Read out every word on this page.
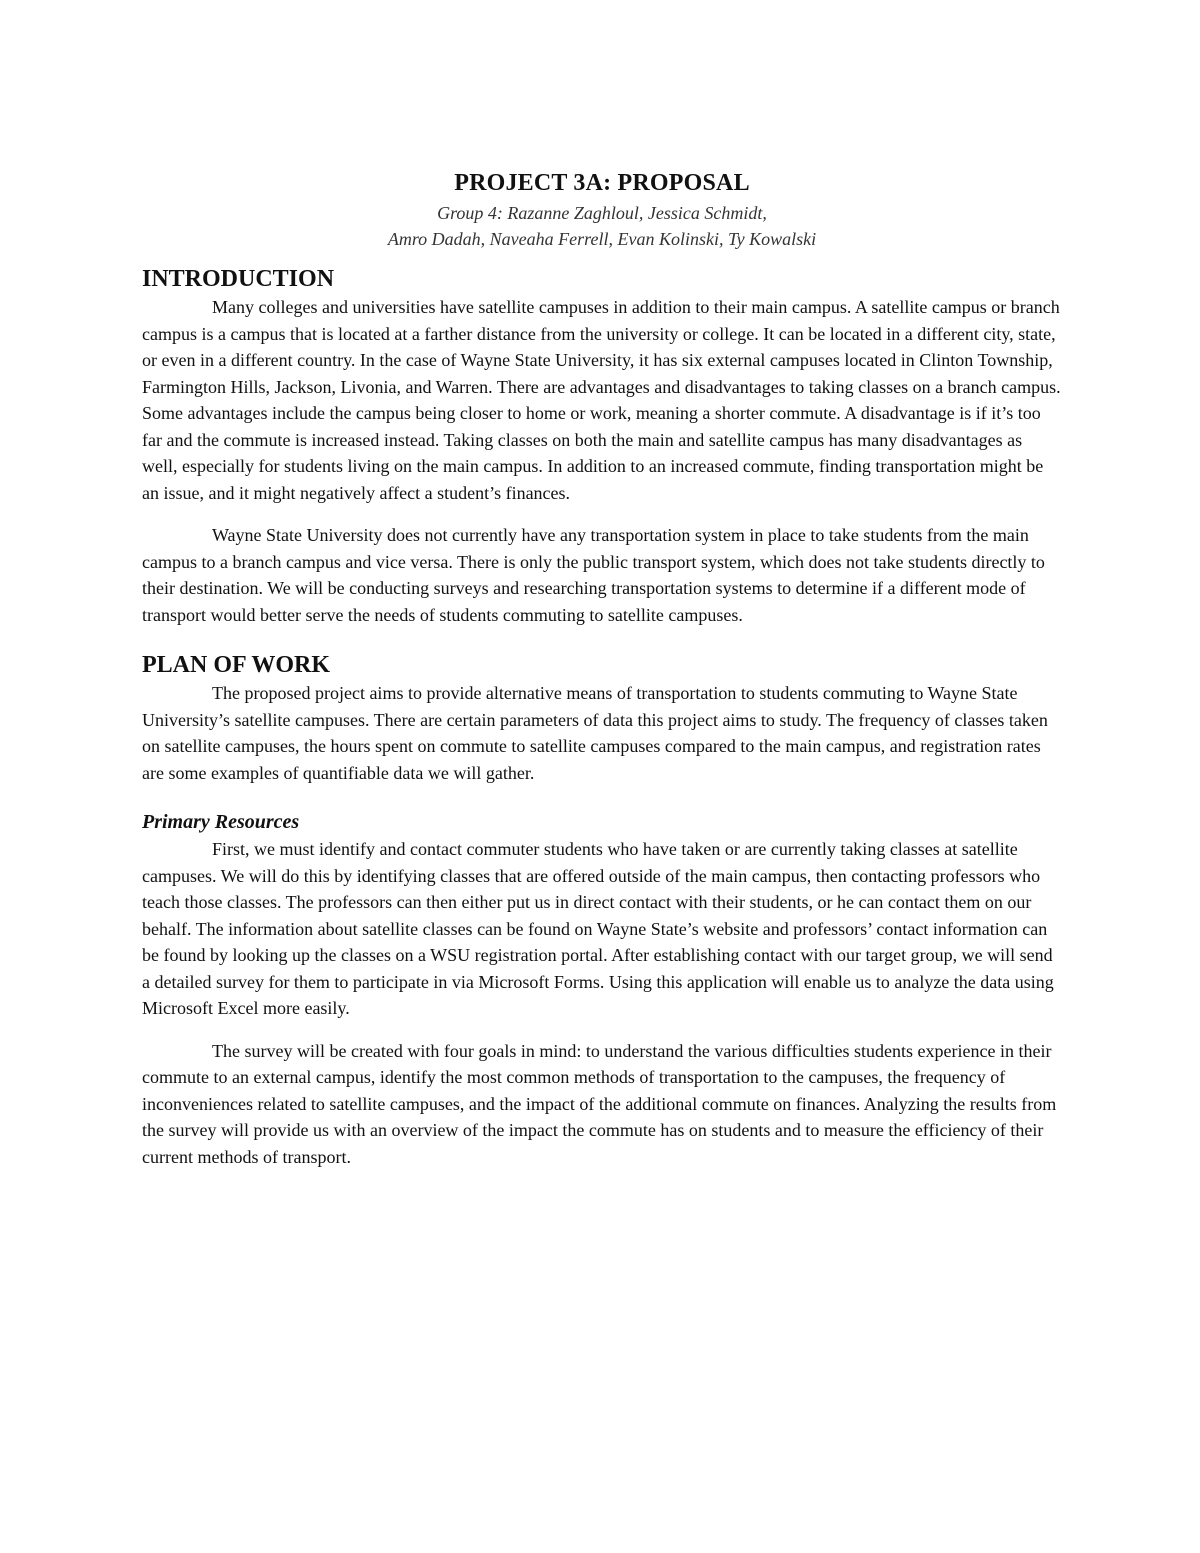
PROJECT 3A: PROPOSAL
Group 4: Razanne Zaghloul, Jessica Schmidt,
Amro Dadah, Naveaha Ferrell, Evan Kolinski, Ty Kowalski
INTRODUCTION

Many colleges and universities have satellite campuses in addition to their main campus. A satellite campus or branch campus is a campus that is located at a farther distance from the university or college. It can be located in a different city, state, or even in a different country. In the case of Wayne State University, it has six external campuses located in Clinton Township, Farmington Hills, Jackson, Livonia, and Warren. There are advantages and disadvantages to taking classes on a branch campus. Some advantages include the campus being closer to home or work, meaning a shorter commute. A disadvantage is if it’s too far and the commute is increased instead. Taking classes on both the main and satellite campus has many disadvantages as well, especially for students living on the main campus. In addition to an increased commute, finding transportation might be an issue, and it might negatively affect a student’s finances.

Wayne State University does not currently have any transportation system in place to take students from the main campus to a branch campus and vice versa. There is only the public transport system, which does not take students directly to their destination. We will be conducting surveys and researching transportation systems to determine if a different mode of transport would better serve the needs of students commuting to satellite campuses.

PLAN OF WORK

The proposed project aims to provide alternative means of transportation to students commuting to Wayne State University’s satellite campuses. There are certain parameters of data this project aims to study. The frequency of classes taken on satellite campuses, the hours spent on commute to satellite campuses compared to the main campus, and registration rates are some examples of quantifiable data we will gather.

Primary Resources

First, we must identify and contact commuter students who have taken or are currently taking classes at satellite campuses. We will do this by identifying classes that are offered outside of the main campus, then contacting professors who teach those classes. The professors can then either put us in direct contact with their students, or he can contact them on our behalf. The information about satellite classes can be found on Wayne State’s website and professors’ contact information can be found by looking up the classes on a WSU registration portal. After establishing contact with our target group, we will send a detailed survey for them to participate in via Microsoft Forms. Using this application will enable us to analyze the data using Microsoft Excel more easily.

The survey will be created with four goals in mind: to understand the various difficulties students experience in their commute to an external campus, identify the most common methods of transportation to the campuses, the frequency of inconveniences related to satellite campuses, and the impact of the additional commute on finances. Analyzing the results from the survey will provide us with an overview of the impact the commute has on students and to measure the efficiency of their current methods of transport.
